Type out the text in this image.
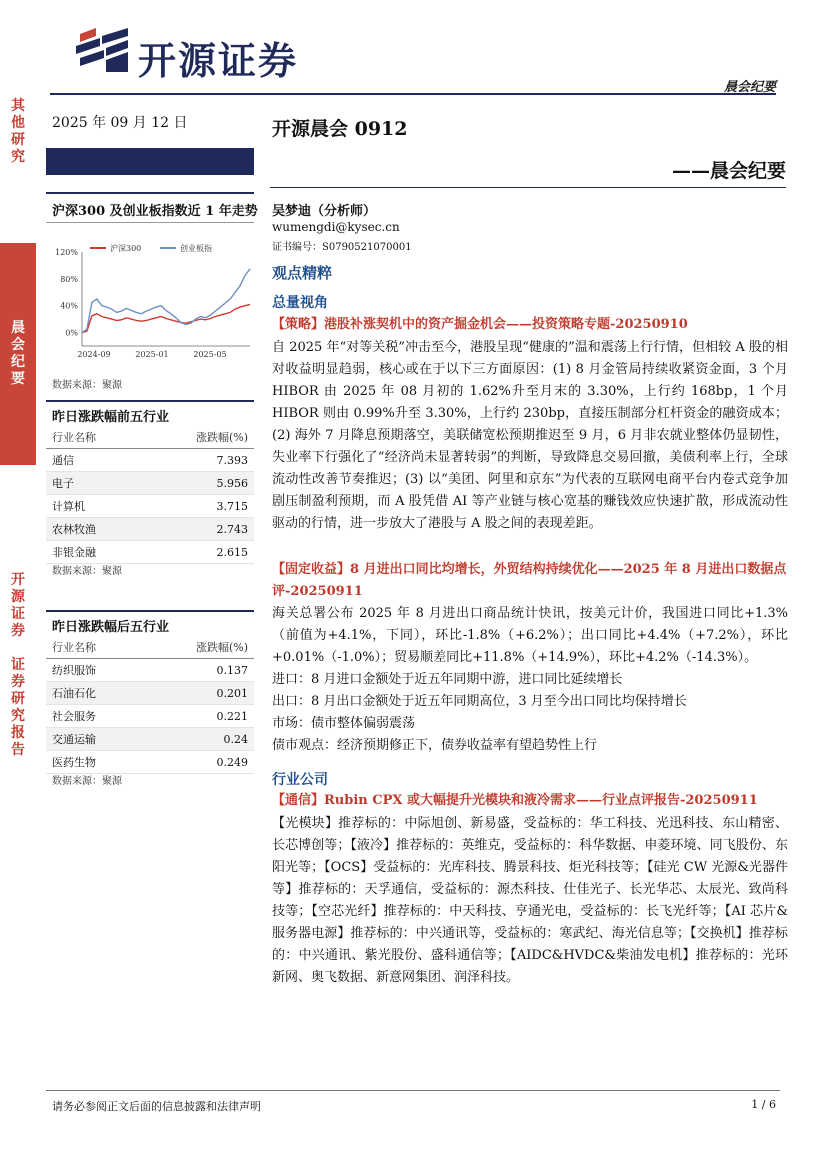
开源证券
晨会纪要
其
他
研
究
晨
会
纪
要
开
源
证
券

证
券
研
究
报
告
2025 年 09 月 12 日
沪深300 及创业板指数近 1 年走势
120%
80%
40%
0%
2024-09	2025-01	2025-05
沪深300	创业板指
数据来源：聚源
昨日涨跌幅前五行业
行业名称	涨跌幅(%)
通信	7.393
电子	5.956
计算机	3.715
农林牧渔	2.743
非银金融	2.615
数据来源：聚源
昨日涨跌幅后五行业
行业名称	涨跌幅(%)
纺织服饰	0.137
石油石化	0.201
社会服务	0.221
交通运输	0.24
医药生物	0.249
数据来源：聚源
开源晨会 0912
——晨会纪要
吴梦迪（分析师）
wumengdi@kysec.cn
证书编号：S0790521070001
观点精粹
总量视角
【策略】港股补涨契机中的资产掘金机会——投资策略专题-20250910
自 2025 年“对等关税”冲击至今，港股呈现“健康的”温和震荡上行行情，但相较 A 股的相对收益明显趋弱，核心或在于以下三方面原因：(1) 8 月金管局持续收紧资金面，3 个月 HIBOR 由 2025 年 08 月初的 1.62%升至月末的 3.30%，上行约 168bp，1 个月 HIBOR 则由 0.99%升至 3.30%，上行约 230bp，直接压制部分杠杆资金的融资成本；(2) 海外 7 月降息预期落空，美联储宽松预期推迟至 9 月，6 月非农就业整体仍显韧性，失业率下行强化了“经济尚未显著转弱”的判断，导致降息交易回撤，美债利率上行，全球流动性改善节奏推迟；(3) 以“美团、阿里和京东”为代表的互联网电商平台内卷式竞争加剧压制盈利预期，而 A 股凭借 AI 等产业链与核心宽基的赚钱效应快速扩散，形成流动性驱动的行情，进一步放大了港股与 A 股之间的表现差距。
【固定收益】8 月进出口同比均增长，外贸结构持续优化——2025 年 8 月进出口数据点评-20250911
海关总署公布 2025 年 8 月进出口商品统计快讯，按美元计价，我国进口同比+1.3%（前值为+4.1%，下同），环比-1.8%（+6.2%）；出口同比+4.4%（+7.2%），环比+0.01%（-1.0%）；贸易顺差同比+11.8%（+14.9%），环比+4.2%（-14.3%）。
进口：8 月进口金额处于近五年同期中游，进口同比延续增长
出口：8 月出口金额处于近五年同期高位，3 月至今出口同比均保持增长
市场：债市整体偏弱震荡
债市观点：经济预期修正下，债券收益率有望趋势性上行
行业公司
【通信】Rubin CPX 或大幅提升光模块和液冷需求——行业点评报告-20250911
【光模块】推荐标的：中际旭创、新易盛，受益标的：华工科技、光迅科技、东山精密、长芯博创等；【液冷】推荐标的：英维克，受益标的：科华数据、申菱环境、同飞股份、东阳光等；【OCS】受益标的：光库科技、腾景科技、炬光科技等；【硅光 CW 光源&光器件等】推荐标的：天孚通信，受益标的：源杰科技、仕佳光子、长光华芯、太辰光、致尚科技等；【空芯光纤】推荐标的：中天科技、亨通光电，受益标的：长飞光纤等；【AI 芯片&服务器电源】推荐标的：中兴通讯等，受益标的：寒武纪、海光信息等；【交换机】推荐标的：中兴通讯、紫光股份、盛科通信等；【AIDC&HVDC&柴油发电机】推荐标的：光环新网、奥飞数据、新意网集团、润泽科技。
请务必参阅正文后面的信息披露和法律声明	1 / 6
